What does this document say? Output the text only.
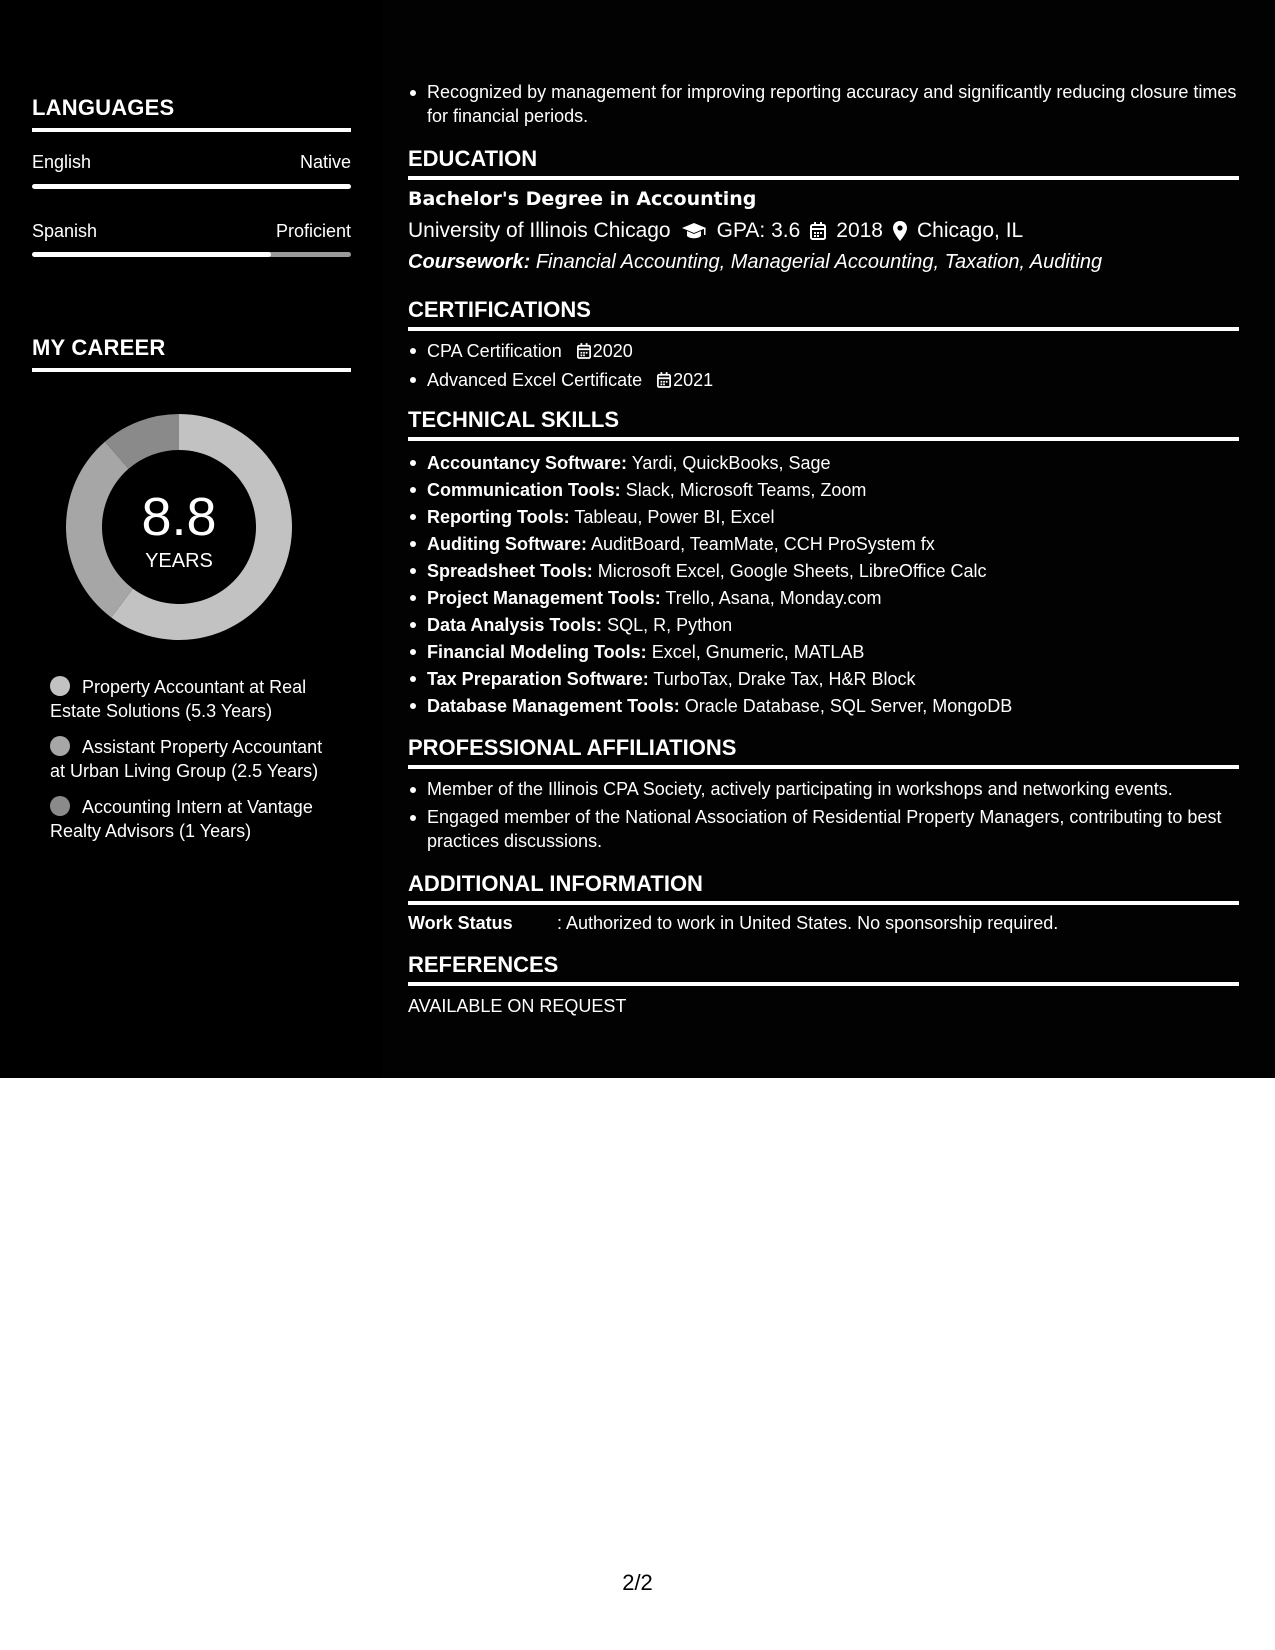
LANGUAGES
English	Native
Spanish	Proficient
MY CAREER
8.8
YEARS
Property Accountant at Real Estate Solutions (5.3 Years)
Assistant Property Accountant at Urban Living Group (2.5 Years)
Accounting Intern at Vantage Realty Advisors (1 Years)
Recognized by management for improving reporting accuracy and significantly reducing closure times for financial periods.
EDUCATION
Bachelor's Degree in Accounting
University of Illinois Chicago GPA: 3.6 2018 Chicago, IL
Coursework: Financial Accounting, Managerial Accounting, Taxation, Auditing
CERTIFICATIONS
CPA Certification 2020
Advanced Excel Certificate 2021
TECHNICAL SKILLS
Accountancy Software: Yardi, QuickBooks, Sage
Communication Tools: Slack, Microsoft Teams, Zoom
Reporting Tools: Tableau, Power BI, Excel
Auditing Software: AuditBoard, TeamMate, CCH ProSystem fx
Spreadsheet Tools: Microsoft Excel, Google Sheets, LibreOffice Calc
Project Management Tools: Trello, Asana, Monday.com
Data Analysis Tools: SQL, R, Python
Financial Modeling Tools: Excel, Gnumeric, MATLAB
Tax Preparation Software: TurboTax, Drake Tax, H&R Block
Database Management Tools: Oracle Database, SQL Server, MongoDB
PROFESSIONAL AFFILIATIONS
Member of the Illinois CPA Society, actively participating in workshops and networking events.
Engaged member of the National Association of Residential Property Managers, contributing to best practices discussions.
ADDITIONAL INFORMATION
Work Status	: Authorized to work in United States. No sponsorship required.
REFERENCES
AVAILABLE ON REQUEST
2/2
